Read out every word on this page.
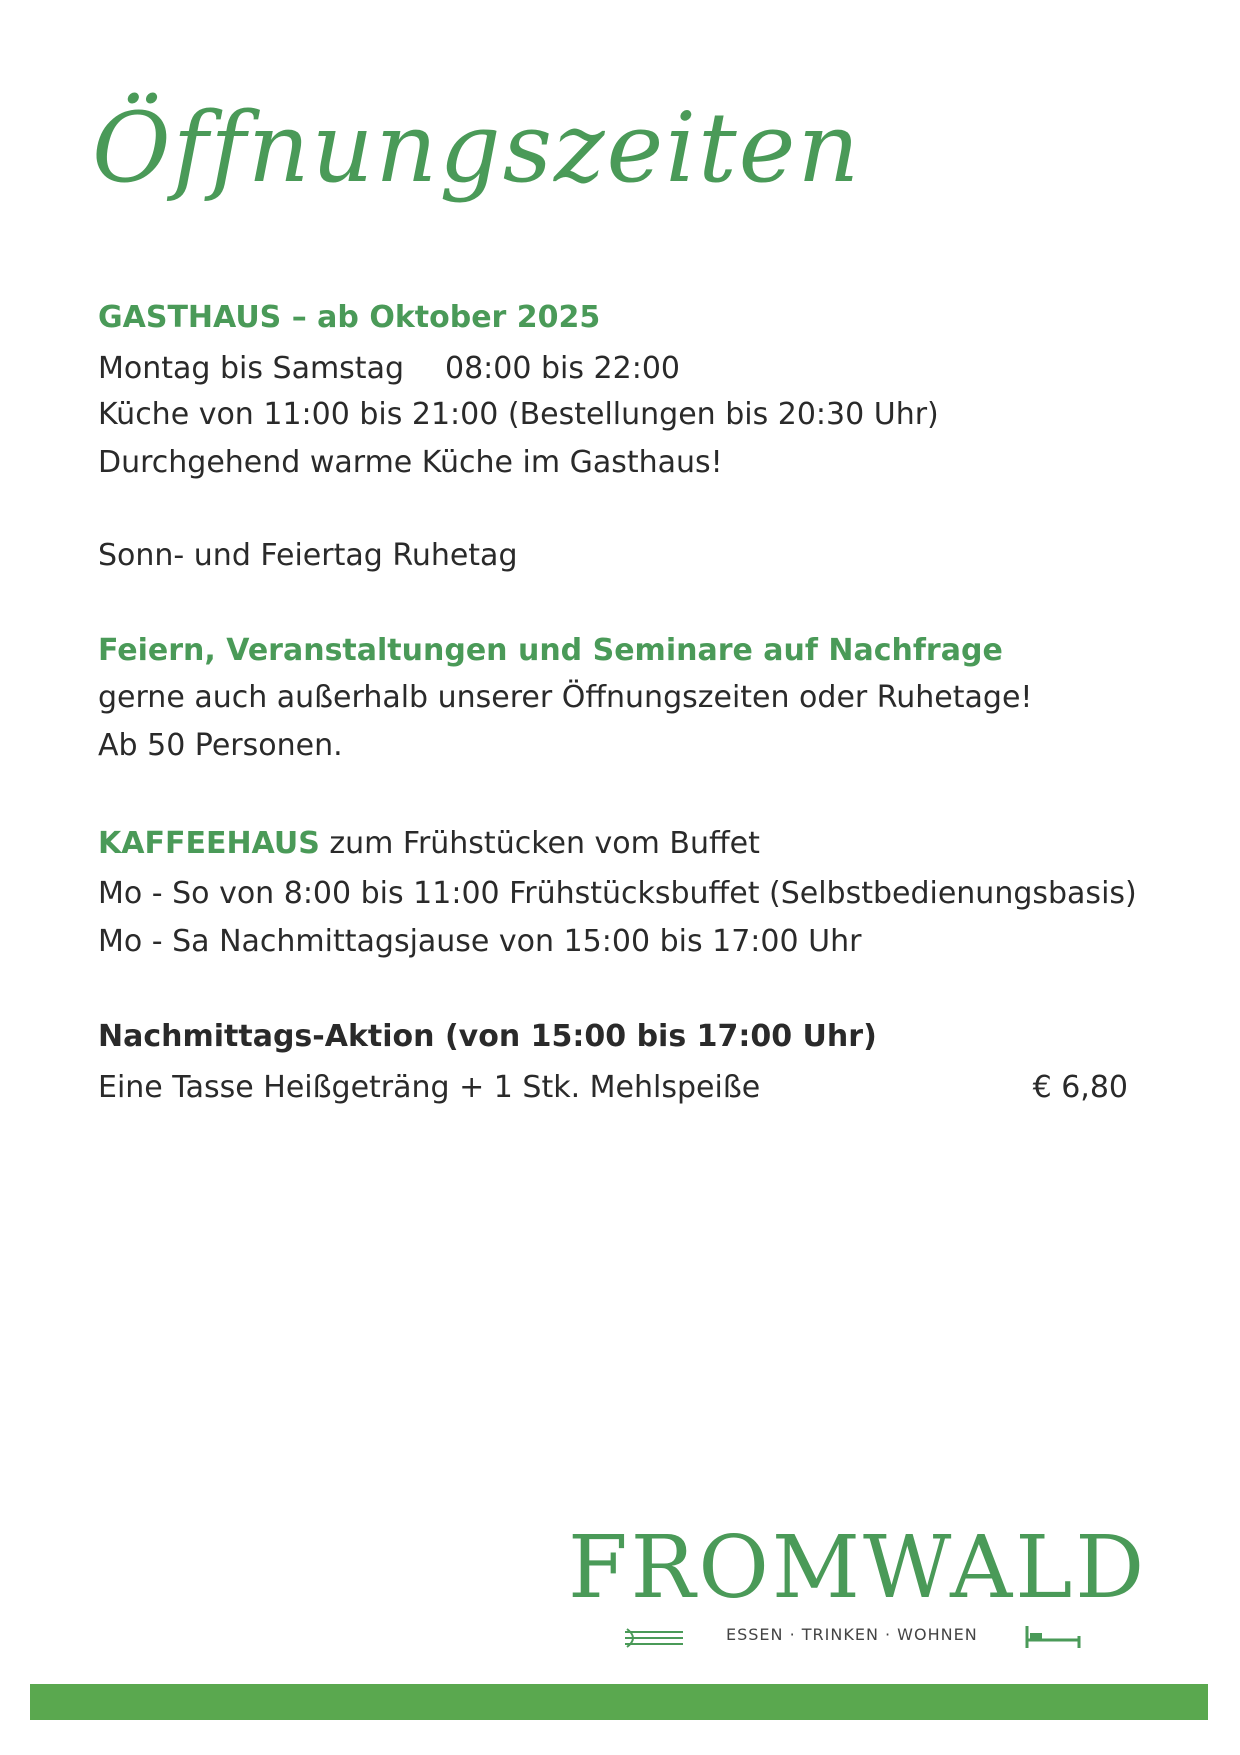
Öffnungszeiten
GASTHAUS – ab Oktober 2025
Montag bis Samstag 08:00 bis 22:00
Küche von 11:00 bis 21:00 (Bestellungen bis 20:30 Uhr)
Durchgehend warme Küche im Gasthaus!
Sonn- und Feiertag Ruhetag
Feiern, Veranstaltungen und Seminare auf Nachfrage
gerne auch außerhalb unserer Öffnungszeiten oder Ruhetage!
Ab 50 Personen.
KAFFEEHAUS zum Frühstücken vom Buffet
Mo - So von 8:00 bis 11:00 Frühstücksbuffet (Selbstbedienungsbasis)
Mo - Sa Nachmittagsjause von 15:00 bis 17:00 Uhr
Nachmittags-Aktion (von 15:00 bis 17:00 Uhr)
Eine Tasse Heißgeträng + 1 Stk. Mehlspeiße	€ 6,80
FROMWALD
ESSEN · TRINKEN · WOHNEN
